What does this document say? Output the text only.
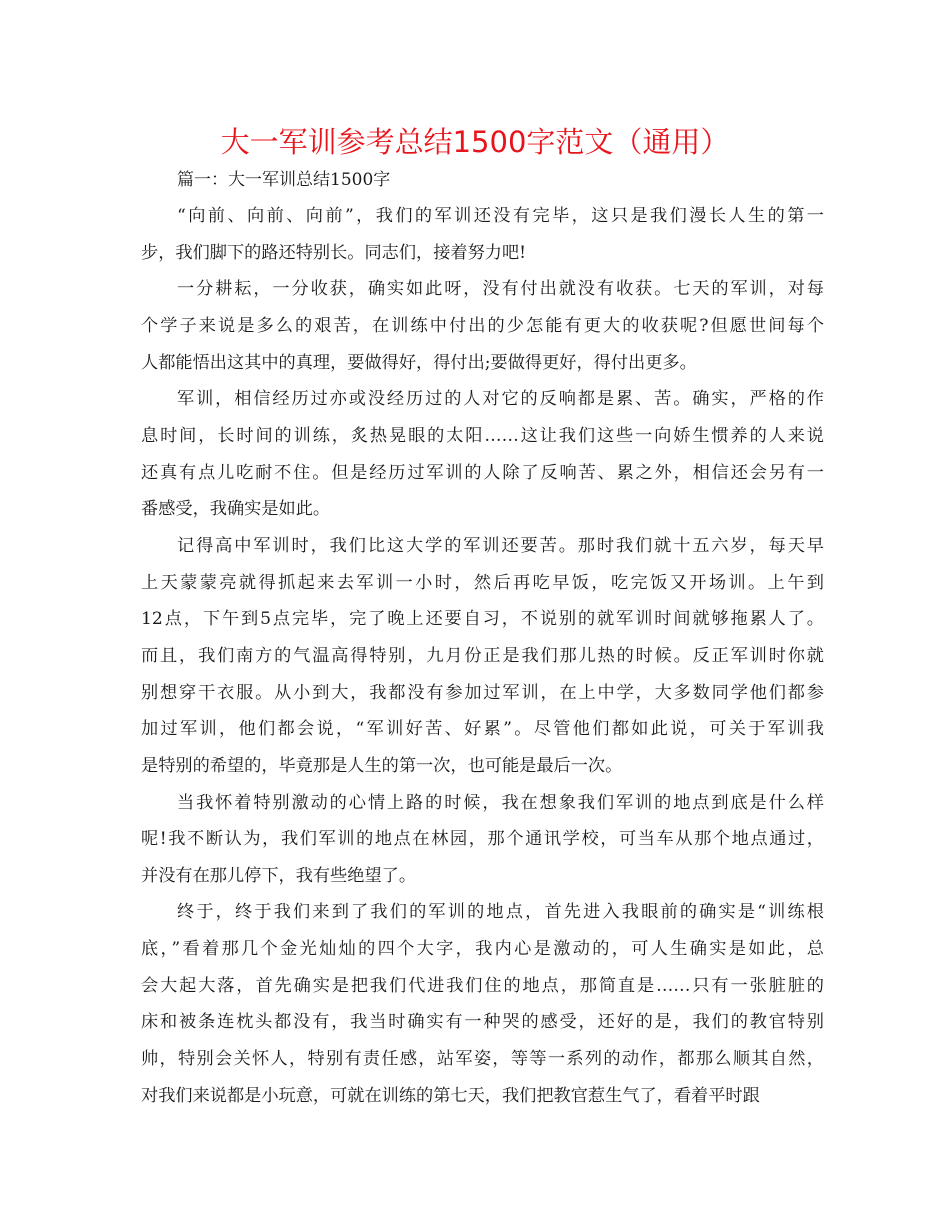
大一军训参考总结1500字范文（通用）
篇一：大一军训总结1500字
“向前、向前、向前”，我们的军训还没有完毕，这只是我们漫长人生的第一
步，我们脚下的路还特别长。同志们，接着努力吧!
一分耕耘，一分收获，确实如此呀，没有付出就没有收获。七天的军训，对每
个学子来说是多么的艰苦，在训练中付出的少怎能有更大的收获呢?但愿世间每个
人都能悟出这其中的真理，要做得好，得付出;要做得更好，得付出更多。
军训，相信经历过亦或没经历过的人对它的反响都是累、苦。确实，严格的作
息时间，长时间的训练，炙热晃眼的太阳……这让我们这些一向娇生惯养的人来说
还真有点儿吃耐不住。但是经历过军训的人除了反响苦、累之外，相信还会另有一
番感受，我确实是如此。
记得高中军训时，我们比这大学的军训还要苦。那时我们就十五六岁，每天早
上天蒙蒙亮就得抓起来去军训一小时，然后再吃早饭，吃完饭又开场训。上午到
12点，下午到5点完毕，完了晚上还要自习，不说别的就军训时间就够拖累人了。
而且，我们南方的气温高得特别，九月份正是我们那儿热的时候。反正军训时你就
别想穿干衣服。从小到大，我都没有参加过军训，在上中学，大多数同学他们都参
加过军训，他们都会说，“军训好苦、好累”。尽管他们都如此说，可关于军训我
是特别的希望的，毕竟那是人生的第一次，也可能是最后一次。
当我怀着特别激动的心情上路的时候，我在想象我们军训的地点到底是什么样
呢!我不断认为，我们军训的地点在林园，那个通讯学校，可当车从那个地点通过，
并没有在那儿停下，我有些绝望了。
终于，终于我们来到了我们的军训的地点，首先进入我眼前的确实是“训练根
底，”看着那几个金光灿灿的四个大字，我内心是激动的，可人生确实是如此，总
会大起大落，首先确实是把我们代进我们住的地点，那简直是……只有一张脏脏的
床和被条连枕头都没有，我当时确实有一种哭的感受，还好的是，我们的教官特别
帅，特别会关怀人，特别有责任感，站军姿，等等一系列的动作，都那么顺其自然，
对我们来说都是小玩意，可就在训练的第七天，我们把教官惹生气了，看着平时跟
